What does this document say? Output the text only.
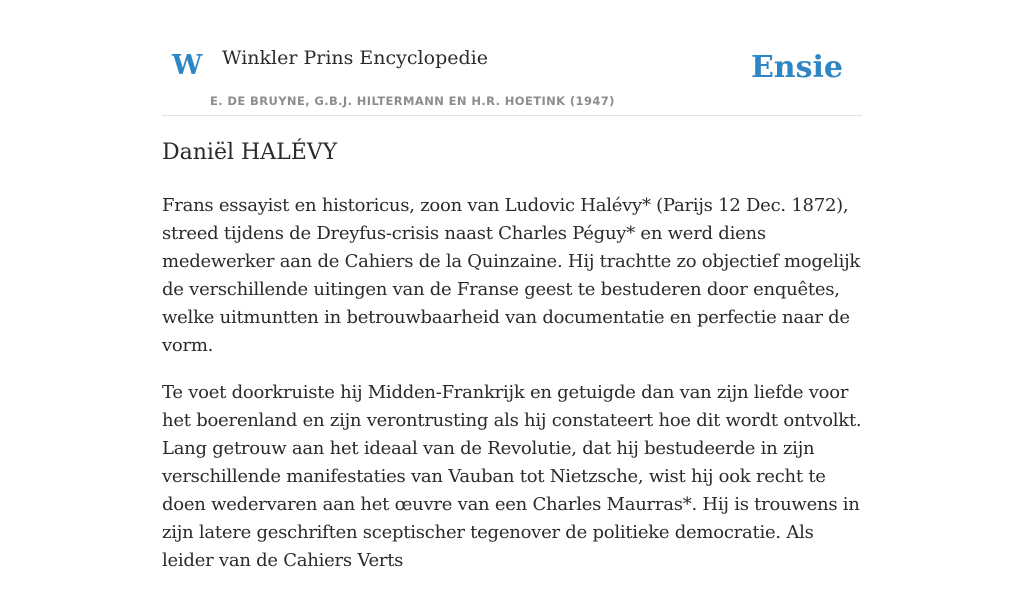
W Winkler Prins Encyclopedie
E. DE BRUYNE, G.B.J. HILTERMANN EN H.R. HOETINK (1947)
Ensie
Daniël HALÉVY

Frans essayist en historicus, zoon van Ludovic Halévy* (Parijs 12 Dec. 1872), streed tijdens de Dreyfus-crisis naast Charles Péguy* en werd diens medewerker aan de Cahiers de la Quinzaine. Hij trachtte zo objectief mogelijk de verschillende uitingen van de Franse geest te bestuderen door enquêtes, welke uitmuntten in betrouwbaarheid van documentatie en perfectie naar de vorm.

Te voet doorkruiste hij Midden-Frankrijk en getuigde dan van zijn liefde voor het boerenland en zijn verontrusting als hij constateert hoe dit wordt ontvolkt. Lang getrouw aan het ideaal van de Revolutie, dat hij bestudeerde in zijn verschillende manifestaties van Vauban tot Nietzsche, wist hij ook recht te doen wedervaren aan het œuvre van een Charles Maurras*. Hij is trouwens in zijn latere geschriften sceptischer tegenover de politieke democratie. Als leider van de Cahiers Verts
